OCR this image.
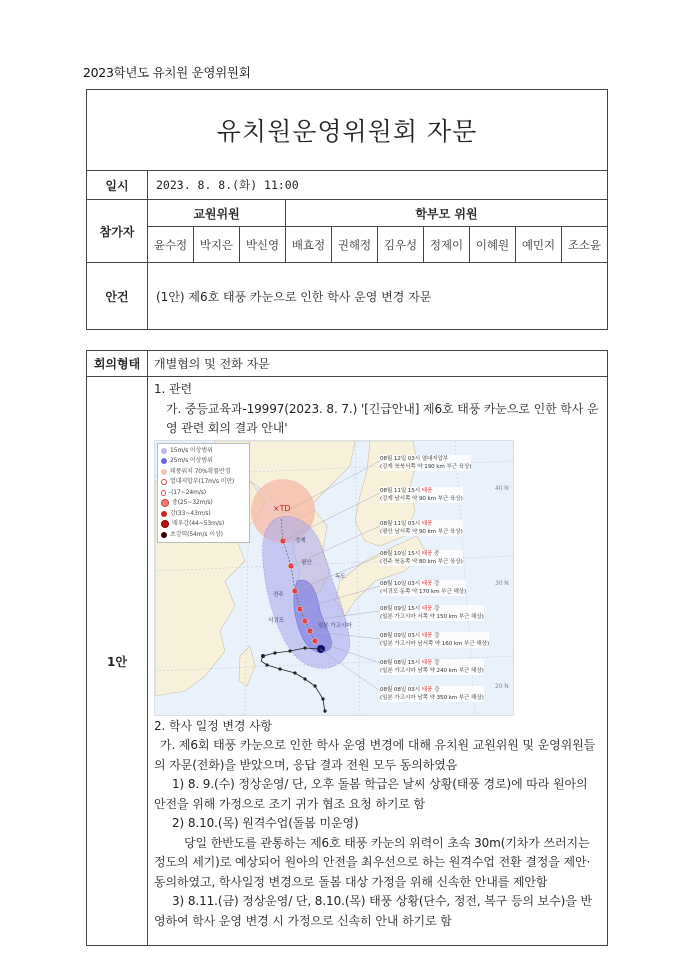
2023학년도 유치원 운영위원회
유치원운영위원회 자문										
일시	2023. 8. 8.(화) 11:00									
참가자	교원위원			학부모 위원						
	윤수정	박지은	박신영	배효정	권해정	김우성	정제이	이혜원	예민지	조소윤
안건	(1안) 제6호 태풍 카눈으로 인한 학사 운영 변경 자문									
회의형태	개별협의 및 전화 자문
1안	

1. 관련

가. 중등교육과-19997(2023. 8. 7.) '[긴급안내] 제6호 태풍 카눈으로 인한 학사 운영 관련 회의 결과 안내'

×TD
15m/s 이상범위
25m/s 이상범위
태풍위치 70%확률반경
열대저압부(17m/s 미만)
-(17~24m/s)
중(25~32m/s)
강(33~43m/s)
매우강(44~53m/s)
초강력(54m/s 이상)
08월 12일 03시 열대저압부
(강계 북북서쪽 약 190 km 부근 육상)
08월 11일 15시 태풍
(강계 남서쪽 약 90 km 부근 육상)
08월 11일 03시 태풍
(평산 남서쪽 약 90 km 부근 육상)
08월 10일 15시 태풍 중
(전주 북동쪽 약 80 km 부근 육상)
08월 10일 03시 태풍 강
(서귀포 동쪽 약 170 km 부근 해상)
08월 09일 15시 태풍 강
(일본 가고시마 서쪽 약 150 km 부근 해상)
08월 09일 03시 태풍 강
(일본 가고시마 남서쪽 약 160 km 부근 해상)
08월 08일 15시 태풍 강
(일본 가고시마 남쪽 약 240 km 부근 해상)
08월 08일 03시 태풍 강
(일본 가고시마 남쪽 약 350 km 부근 해상)
강계
평산
독도
전주
서귀포
일본 가고시마
40 N
30 N
20 N

2. 학사 일정 변경 사항

가. 제6회 태풍 카눈으로 인한 학사 운영 변경에 대해 유치원 교원위원 및 운영위원들의 자문(전화)을 받았으며, 응답 결과 전원 모두 동의하였음

1) 8. 9.(수) 정상운영/ 단, 오후 돌봄 학급은 날씨 상황(태풍 경로)에 따라 원아의 안전을 위해 가정으로 조기 귀가 협조 요청 하기로 함

2) 8.10.(목) 원격수업(돌봄 미운영)

당일 한반도를 관통하는 제6호 태풍 카눈의 위력이 초속 30m(기차가 쓰러지는 정도의 세기)로 예상되어 원아의 안전을 최우선으로 하는 원격수업 전환 결정을 제안·동의하였고, 학사일정 변경으로 돌봄 대상 가정을 위해 신속한 안내를 제안함

3) 8.11.(금) 정상운영/ 단, 8.10.(목) 태풍 상황(단수, 정전, 복구 등의 보수)을 반영하여 학사 운영 변경 시 가정으로 신속히 안내 하기로 함
